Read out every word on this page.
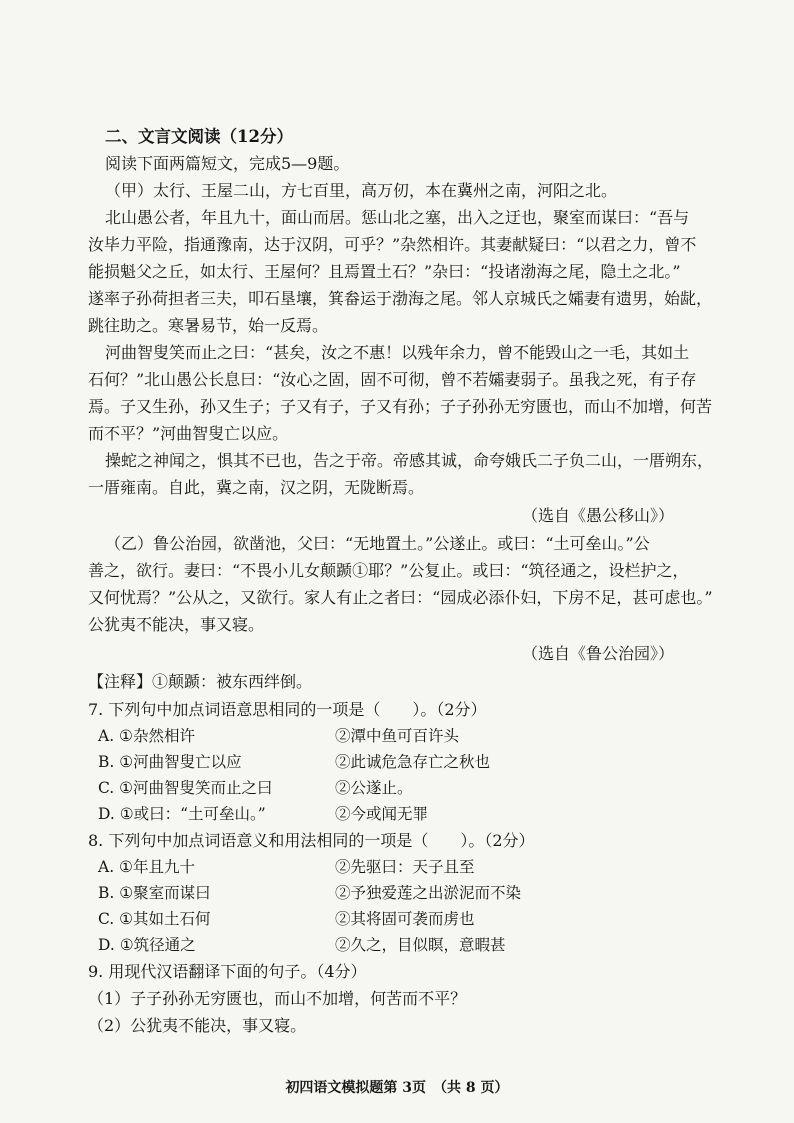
二、文言文阅读（12分）
阅读下面两篇短文，完成5—9题。
（甲）太行、王屋二山，方七百里，高万仞，本在冀州之南，河阳之北。
北山愚公者，年且九十，面山而居。惩山北之塞，出入之迂也，聚室而谋曰：“吾与
汝毕力平险，指通豫南，达于汉阴，可乎？”杂然相许。其妻献疑曰：“以君之力，曾不
能损魁父之丘，如太行、王屋何？且焉置土石？”杂曰：“投诸渤海之尾，隐土之北。”
遂率子孙荷担者三夫，叩石垦壤，箕畚运于渤海之尾。邻人京城氏之孀妻有遗男，始龀，
跳往助之。寒暑易节，始一反焉。
河曲智叟笑而止之曰：“甚矣，汝之不惠！以残年余力，曾不能毁山之一毛，其如土
石何？”北山愚公长息曰：“汝心之固，固不可彻，曾不若孀妻弱子。虽我之死，有子存
焉。子又生孙，孙又生子；子又有子，子又有孙；子子孙孙无穷匮也，而山不加增，何苦
而不平？”河曲智叟亡以应。
操蛇之神闻之，惧其不已也，告之于帝。帝感其诚，命夸娥氏二子负二山，一厝朔东，
一厝雍南。自此，冀之南，汉之阴，无陇断焉。
（选自《愚公移山》）
（乙）鲁公治园，欲凿池，父曰：“无地置土。”公遂止。或曰：“土可垒山。”公
善之，欲行。妻曰：“不畏小儿女颠踬①耶？”公复止。或曰：“筑径通之，设栏护之，
又何忧焉？”公从之，又欲行。家人有止之者曰：“园成必添仆妇，下房不足，甚可虑也。”
公犹夷不能决，事又寝。
（选自《鲁公治园》）
【注释】①颠踬：被东西绊倒。
7. 下列句中加点词语意思相同的一项是（　　）。（2分）
A. ①杂然相许	②潭中鱼可百许头
B. ①河曲智叟亡以应	②此诚危急存亡之秋也
C. ①河曲智叟笑而止之曰	②公遂止。
D. ①或曰：“土可垒山。”	②今或闻无罪
8. 下列句中加点词语意义和用法相同的一项是（　　）。（2分）
A. ①年且九十	②先驱曰：天子且至
B. ①聚室而谋曰	②予独爱莲之出淤泥而不染
C. ①其如土石何	②其将固可袭而虏也
D. ①筑径通之	②久之，目似瞑，意暇甚
9. 用现代汉语翻译下面的句子。（4分）
（1）子子孙孙无穷匮也，而山不加增，何苦而不平？
（2）公犹夷不能决，事又寝。
初四语文模拟题第 3页　（共 8 页）
